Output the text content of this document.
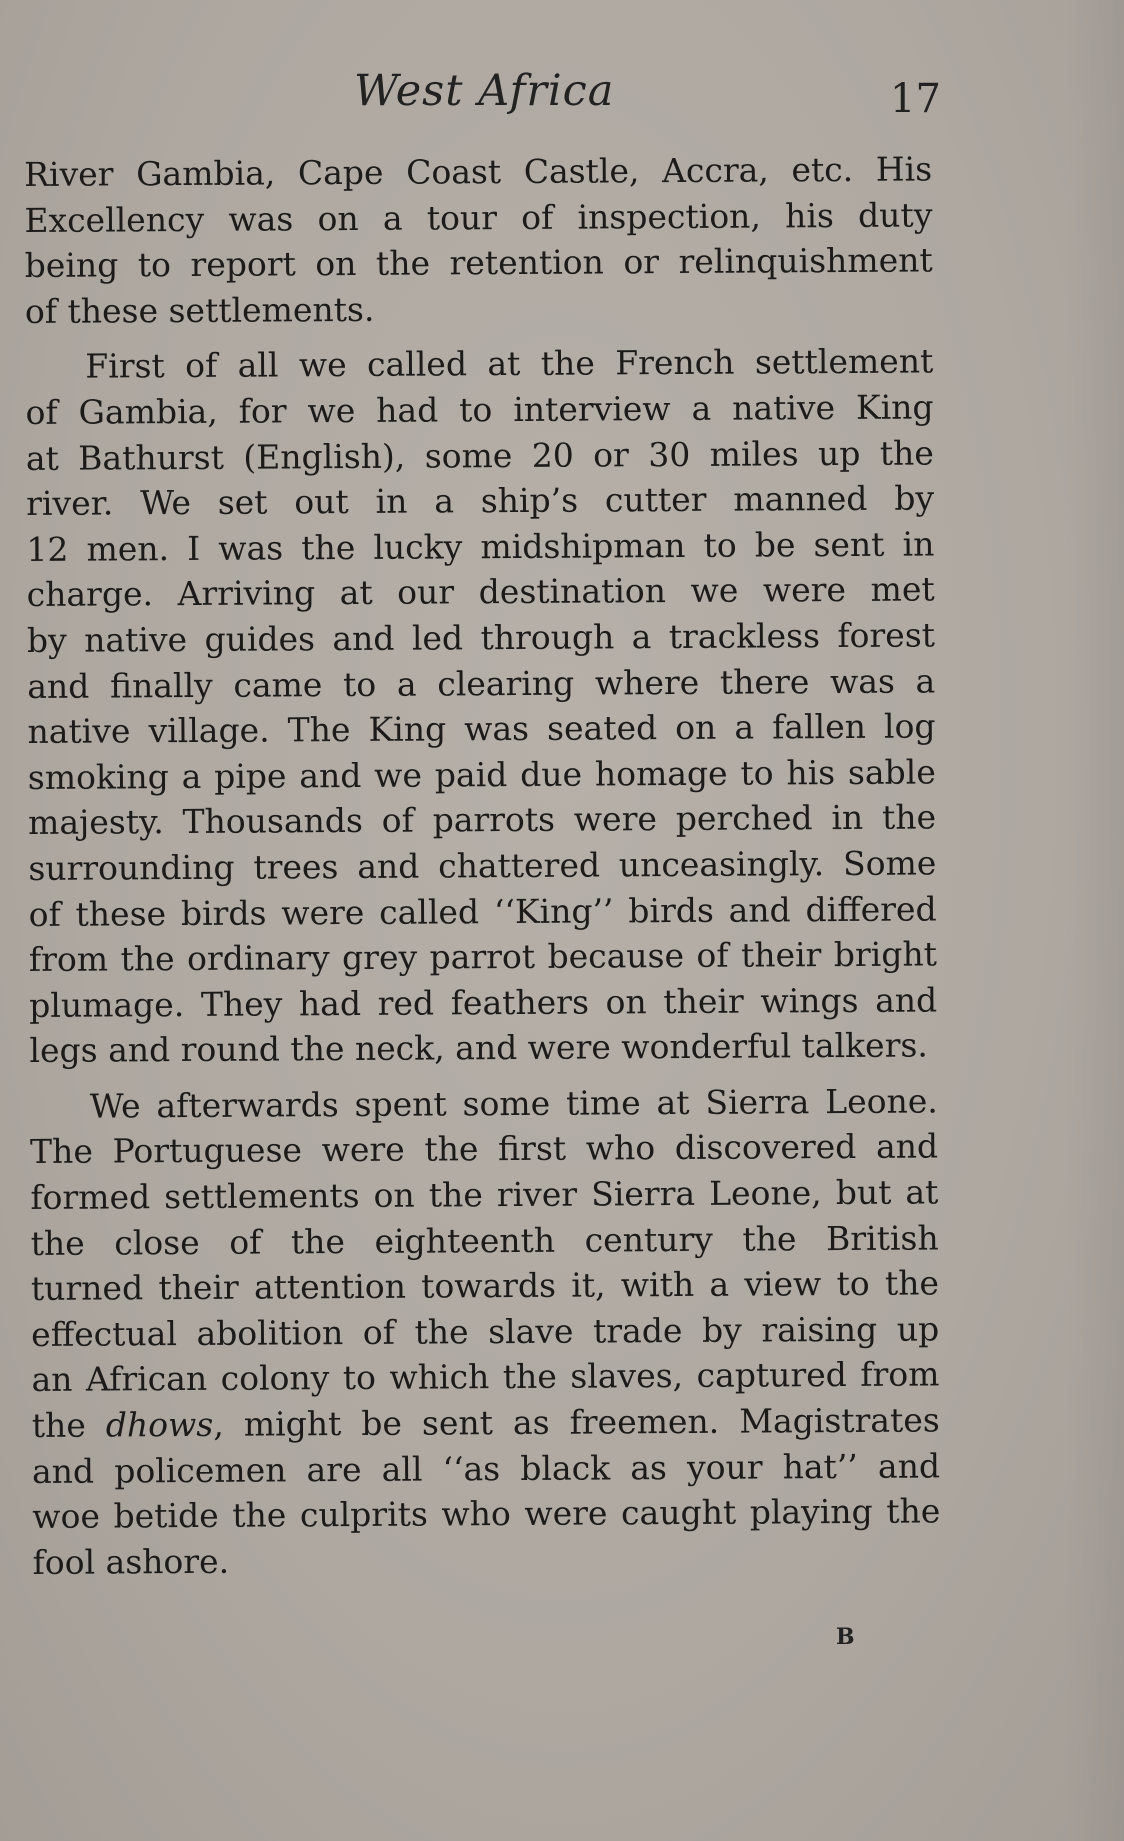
West Africa	17
River Gambia, Cape Coast Castle, Accra, etc. His
Excellency was on a tour of inspection, his duty
being to report on the retention or relinquishment
of these settlements.
First of all we called at the French settlement
of Gambia, for we had to interview a native King
at Bathurst (English), some 20 or 30 miles up the
river. We set out in a ship’s cutter manned by
12 men. I was the lucky midshipman to be sent in
charge. Arriving at our destination we were met
by native guides and led through a trackless forest
and finally came to a clearing where there was a
native village. The King was seated on a fallen log
smoking a pipe and we paid due homage to his sable
majesty. Thousands of parrots were perched in the
surrounding trees and chattered unceasingly. Some
of these birds were called ‘‘King’’ birds and differed
from the ordinary grey parrot because of their bright
plumage. They had red feathers on their wings and
legs and round the neck, and were wonderful talkers.
We afterwards spent some time at Sierra Leone.
The Portuguese were the first who discovered and
formed settlements on the river Sierra Leone, but at
the close of the eighteenth century the British
turned their attention towards it, with a view to the
effectual abolition of the slave trade by raising up
an African colony to which the slaves, captured from
the dhows, might be sent as freemen. Magistrates
and policemen are all ‘‘as black as your hat’’ and
woe betide the culprits who were caught playing the
fool ashore.
B
